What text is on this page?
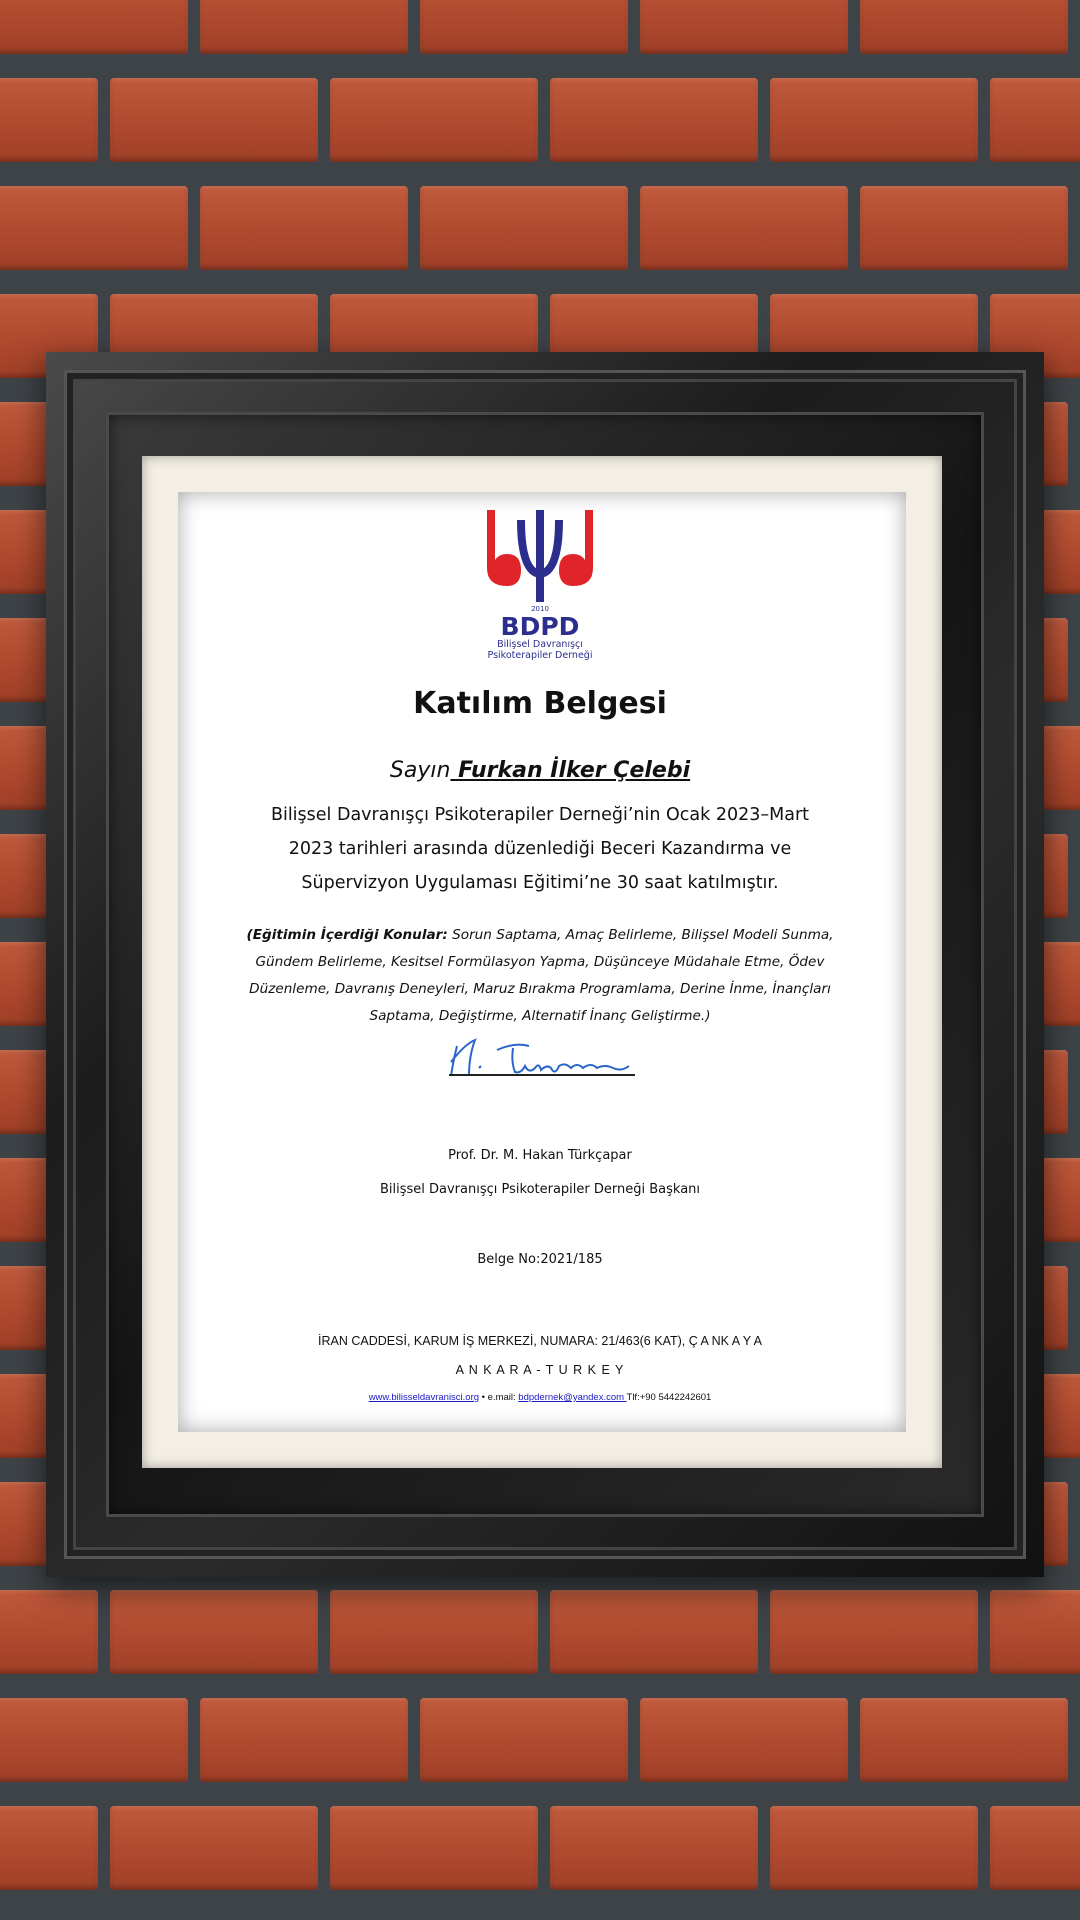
2010
BDPD
Bilişsel Davranışçı
Psikoterapiler Derneği
Katılım Belgesi
Sayın Furkan İlker Çelebi
Bilişsel Davranışçı Psikoterapiler Derneği’nin Ocak 2023–Mart 2023 tarihleri arasında düzenlediği Beceri Kazandırma ve Süpervizyon Uygulaması Eğitimi’ne 30 saat katılmıştır.
(Eğitimin İçerdiği Konular: Sorun Saptama, Amaç Belirleme, Bilişsel Modeli Sunma, Gündem Belirleme, Kesitsel Formülasyon Yapma, Düşünceye Müdahale Etme, Ödev Düzenleme, Davranış Deneyleri, Maruz Bırakma Programlama, Derine İnme, İnançları Saptama, Değiştirme, Alternatif İnanç Geliştirme.)
Prof. Dr. M. Hakan Türkçapar
Bilişsel Davranışçı Psikoterapiler Derneği Başkanı
Belge No:2021/185
İRAN CADDESİ, KARUM İŞ MERKEZİ, NUMARA: 21/463(6 KAT), Ç A NK A Y A
A N K A R A - T U R K E Y
www.bilisseldavranisci.org • e.mail: bdpdernek@yandex.com Tlf:+90 5442242601
